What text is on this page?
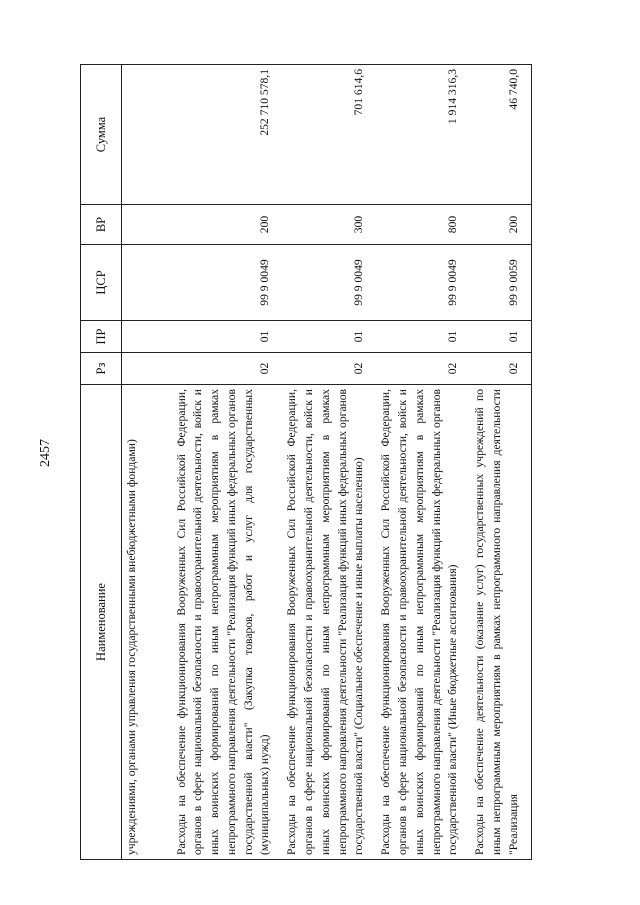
2457
Наименование	Рз	ПР	ЦСР	ВР	Сумма
учреждениями, органами управления государственными внебюджетными фондами)					
Расходы на обеспечение функционирования Вооруженных Сил Российской Федерации, органов в сфере национальной безопасности и правоохранительной деятельности, войск и иных воинских формирований по иным непрограммным мероприятиям в рамках непрограммного направления деятельности "Реализация функций иных федеральных органов государственной власти" (Закупка товаров, работ и услуг для государственных (муниципальных) нужд)	02	01	99 9 0049	200	252 710 578,1
Расходы на обеспечение функционирования Вооруженных Сил Российской Федерации, органов в сфере национальной безопасности и правоохранительной деятельности, войск и иных воинских формирований по иным непрограммным мероприятиям в рамках непрограммного направления деятельности "Реализация функций иных федеральных органов государственной власти" (Социальное обеспечение и иные выплаты населению)	02	01	99 9 0049	300	701 614,6
Расходы на обеспечение функционирования Вооруженных Сил Российской Федерации, органов в сфере национальной безопасности и правоохранительной деятельности, войск и иных воинских формирований по иным непрограммным мероприятиям в рамках непрограммного направления деятельности "Реализация функций иных федеральных органов государственной власти" (Иные бюджетные ассигнования)	02	01	99 9 0049	800	1 914 316,3
Расходы на обеспечение деятельности (оказание услуг) государственных учреждений по иным непрограммным мероприятиям в рамках непрограммного направления деятельности "Реализация	02	01	99 9 0059	200	46 740,0
